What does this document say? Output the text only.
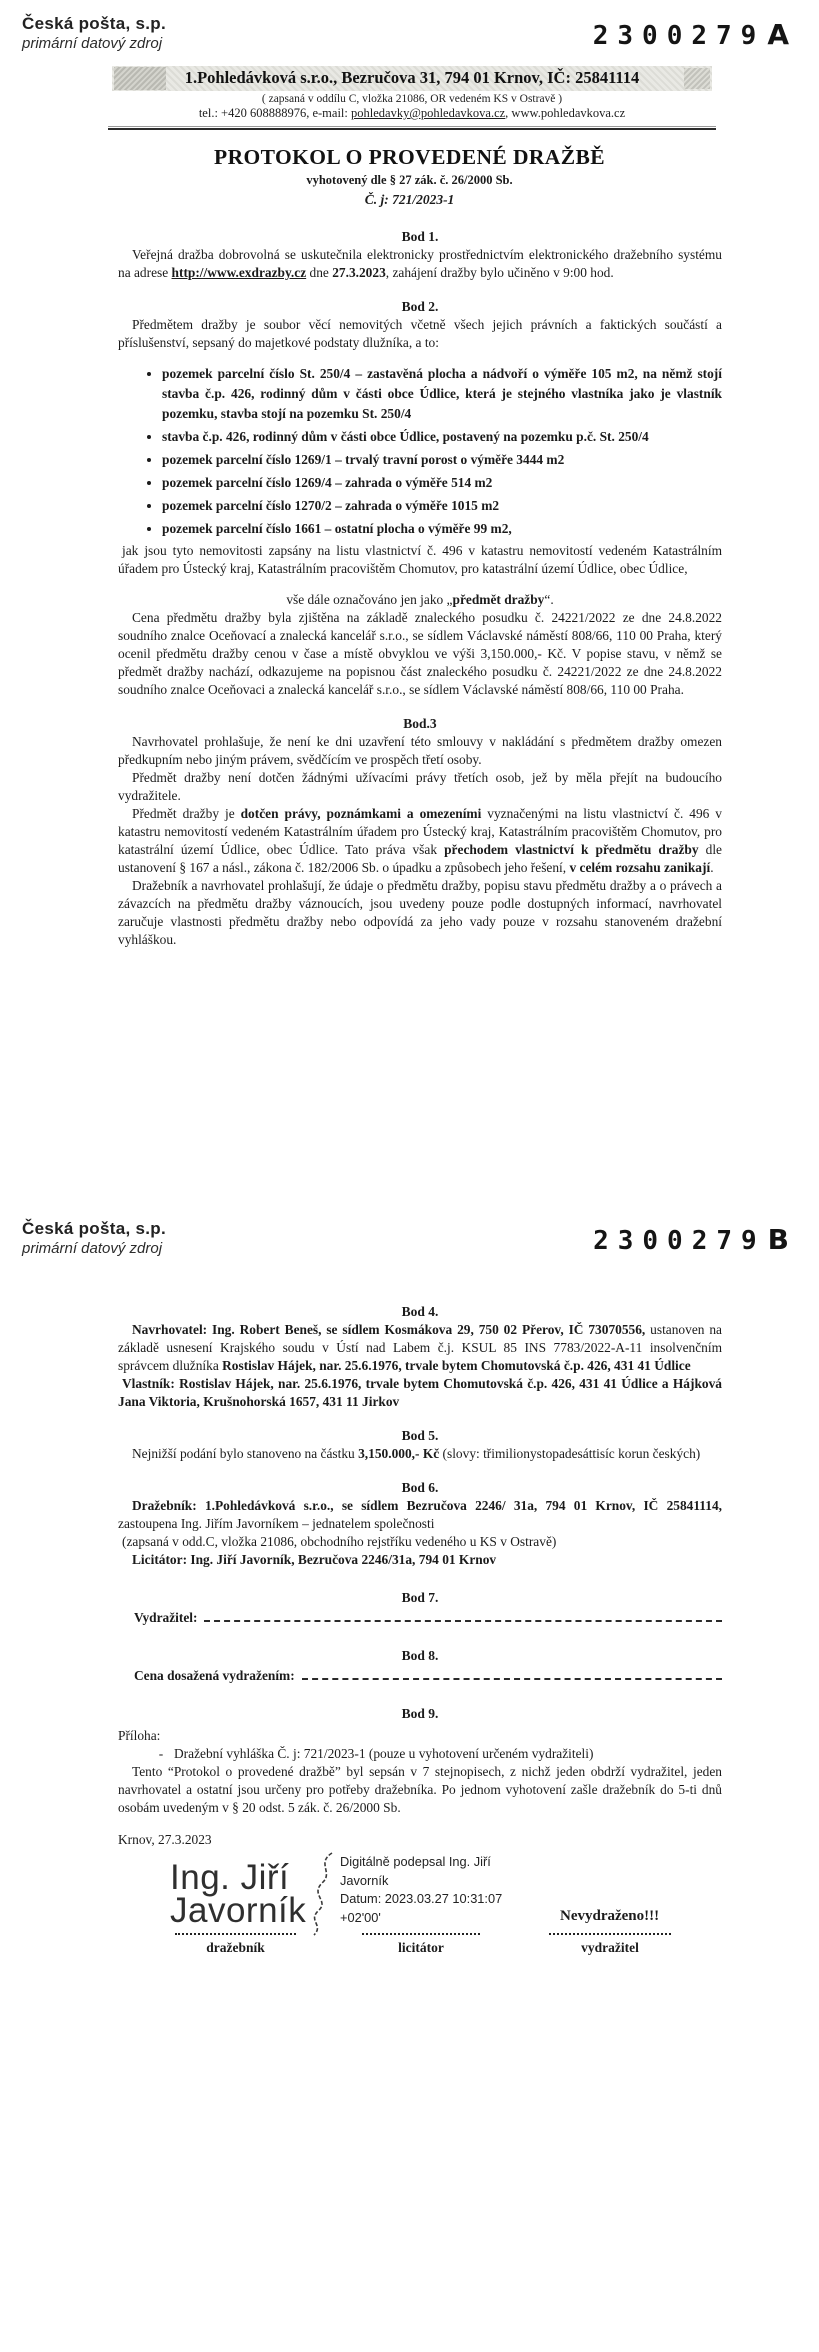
Česká pošta, s.p.
primární datový zdroj	2300279A
1.Pohledávková s.r.o., Bezručova 31, 794 01 Krnov, IČ: 25841114
( zapsaná v oddílu C, vložka 21086, OR vedeném KS v Ostravě )
tel.: +420 608888976, e-mail: pohledavky@pohledavkova.cz, www.pohledavkova.cz
PROTOKOL O PROVEDENÉ DRAŽBĚ
vyhotovený dle § 27 zák. č. 26/2000 Sb.
Č. j: 721/2023-1
Bod 1.

Veřejná dražba dobrovolná se uskutečnila elektronicky prostřednictvím elektronického dražebního systému na adrese http://www.exdrazby.cz dne 27.3.2023, zahájení dražby bylo učiněno v 9:00 hod.

Bod 2.

Předmětem dražby je soubor věcí nemovitých včetně všech jejich právních a faktických součástí a příslušenství, sepsaný do majetkové podstaty dlužníka, a to:

• pozemek parcelní číslo St. 250/4 – zastavěná plocha a nádvoří o výměře 105 m2, na němž stojí stavba č.p. 426, rodinný dům v části obce Údlice, která je stejného vlastníka jako je vlastník pozemku, stavba stojí na pozemku St. 250/4
• stavba č.p. 426, rodinný dům v části obce Údlice, postavený na pozemku p.č. St. 250/4
• pozemek parcelní číslo 1269/1 – trvalý travní porost o výměře 3444 m2
• pozemek parcelní číslo 1269/4 – zahrada o výměře 514 m2
• pozemek parcelní číslo 1270/2 – zahrada o výměře 1015 m2
• pozemek parcelní číslo 1661 – ostatní plocha o výměře 99 m2,

jak jsou tyto nemovitosti zapsány na listu vlastnictví č. 496 v katastru nemovitostí vedeném Katastrálním úřadem pro Ústecký kraj, Katastrálním pracovištěm Chomutov, pro katastrální území Údlice, obec Údlice,

vše dále označováno jen jako „předmět dražby“.

Cena předmětu dražby byla zjištěna na základě znaleckého posudku č. 24221/2022 ze dne 24.8.2022 soudního znalce Oceňovací a znalecká kancelář s.r.o., se sídlem Václavské náměstí 808/66, 110 00 Praha, který ocenil předmětu dražby cenou v čase a místě obvyklou ve výši 3,150.000,- Kč. V popise stavu, v němž se předmět dražby nachází, odkazujeme na popisnou část znaleckého posudku č. 24221/2022 ze dne 24.8.2022 soudního znalce Oceňovaci a znalecká kancelář s.r.o., se sídlem Václavské náměstí 808/66, 110 00 Praha.

Bod.3

Navrhovatel prohlašuje, že není ke dni uzavření této smlouvy v nakládání s předmětem dražby omezen předkupním nebo jiným právem, svědčícím ve prospěch třetí osoby.

Předmět dražby není dotčen žádnými užívacími právy třetích osob, jež by měla přejít na budoucího vydražitele.

Předmět dražby je dotčen právy, poznámkami a omezeními vyznačenými na listu vlastnictví č. 496 v katastru nemovitostí vedeném Katastrálním úřadem pro Ústecký kraj, Katastrálním pracovištěm Chomutov, pro katastrální území Údlice, obec Údlice. Tato práva však přechodem vlastnictví k předmětu dražby dle ustanovení § 167 a násl., zákona č. 182/2006 Sb. o úpadku a způsobech jeho řešení, v celém rozsahu zanikají.

Dražebník a navrhovatel prohlašují, že údaje o předmětu dražby, popisu stavu předmětu dražby a o právech a závazcích na předmětu dražby váznoucích, jsou uvedeny pouze podle dostupných informací, navrhovatel zaručuje vlastnosti předmětu dražby nebo odpovídá za jeho vady pouze v rozsahu stanoveném dražební vyhláškou.

Česká pošta, s.p.
primární datový zdroj	2300279B
Bod 4.

Navrhovatel: Ing. Robert Beneš, se sídlem Kosmákova 29, 750 02 Přerov, IČ 73070556, ustanoven na základě usnesení Krajského soudu v Ústí nad Labem č.j. KSUL 85 INS 7783/2022-A-11 insolvenčním správcem dlužníka Rostislav Hájek, nar. 25.6.1976, trvale bytem Chomutovská č.p. 426, 431 41 Údlice

Vlastník: Rostislav Hájek, nar. 25.6.1976, trvale bytem Chomutovská č.p. 426, 431 41 Údlice a Hájková Jana Viktoria, Krušnohorská 1657, 431 11 Jirkov

Bod 5.

Nejnižší podání bylo stanoveno na částku 3,150.000,- Kč (slovy: třimilionystopadesáttisíc korun českých)

Bod 6.

Dražebník: 1.Pohledávková s.r.o., se sídlem Bezručova 2246/ 31a, 794 01 Krnov, IČ 25841114, zastoupena Ing. Jiřím Javorníkem – jednatelem společnosti

(zapsaná v odd.C, vložka 21086, obchodního rejstříku vedeného u KS v Ostravě)

Licitátor: Ing. Jiří Javorník, Bezručova 2246/31a, 794 01 Krnov

Bod 7.
Vydražitel:
Bod 8.
Cena dosažená vydražením:
Bod 9.
Příloha:
- Dražební vyhláška Č. j: 721/2023-1 (pouze u vyhotovení určeném vydražiteli)

Tento “Protokol o provedené dražbě” byl sepsán v 7 stejnopisech, z nichž jeden obdrží vydražitel, jeden navrhovatel a ostatní jsou určeny pro potřeby dražebníka. Po jednom vyhotovení zašle dražebník do 5-ti dnů osobám uvedeným v § 20 odst. 5 zák. č. 26/2000 Sb.

Krnov, 27.3.2023
Ing. Jiří
Javorník
Digitálně podepsal Ing. Jiří
Javorník
Datum: 2023.03.27 10:31:07
+02'00'	Nevydraženo!!!
dražebník	licitátor	vydražitel
